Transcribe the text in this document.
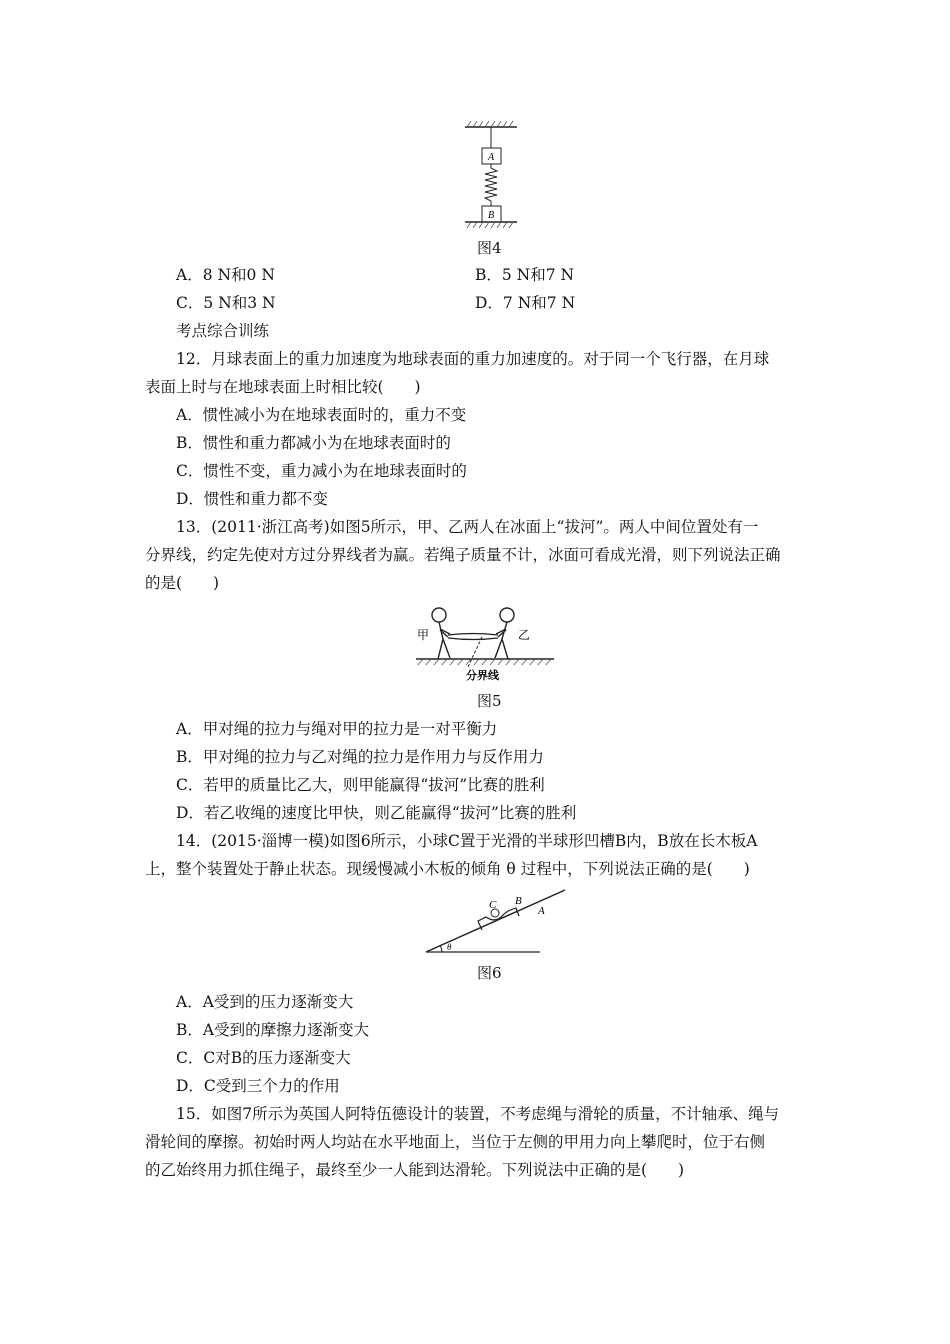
A
B
图4
A．8 N和0 N	B．5 N和7 N
C．5 N和3 N	D．7 N和7 N
考点综合训练
12．月球表面上的重力加速度为地球表面的重力加速度的。对于同一个飞行器，在月球
表面上时与在地球表面上时相比较(　　)
A．惯性减小为在地球表面时的，重力不变
B．惯性和重力都减小为在地球表面时的
C．惯性不变，重力减小为在地球表面时的
D．惯性和重力都不变
13．(2011·浙江高考)如图5所示，甲、乙两人在冰面上“拔河”。两人中间位置处有一
分界线，约定先使对方过分界线者为赢。若绳子质量不计，冰面可看成光滑，则下列说法正确
的是(　　)
甲	乙
分界线
图5
A．甲对绳的拉力与绳对甲的拉力是一对平衡力
B．甲对绳的拉力与乙对绳的拉力是作用力与反作用力
C．若甲的质量比乙大，则甲能赢得“拔河”比赛的胜利
D．若乙收绳的速度比甲快，则乙能赢得“拔河”比赛的胜利
14．(2015·淄博一模)如图6所示，小球C置于光滑的半球形凹槽B内，B放在长木板A
上，整个装置处于静止状态。现缓慢减小木板的倾角 θ 过程中，下列说法正确的是(　　)
θ
C B
A
图6
A．A受到的压力逐渐变大
B．A受到的摩擦力逐渐变大
C．C对B的压力逐渐变大
D．C受到三个力的作用
15．如图7所示为英国人阿特伍德设计的装置，不考虑绳与滑轮的质量，不计轴承、绳与
滑轮间的摩擦。初始时两人均站在水平地面上，当位于左侧的甲用力向上攀爬时，位于右侧
的乙始终用力抓住绳子，最终至少一人能到达滑轮。下列说法中正确的是(　　)
